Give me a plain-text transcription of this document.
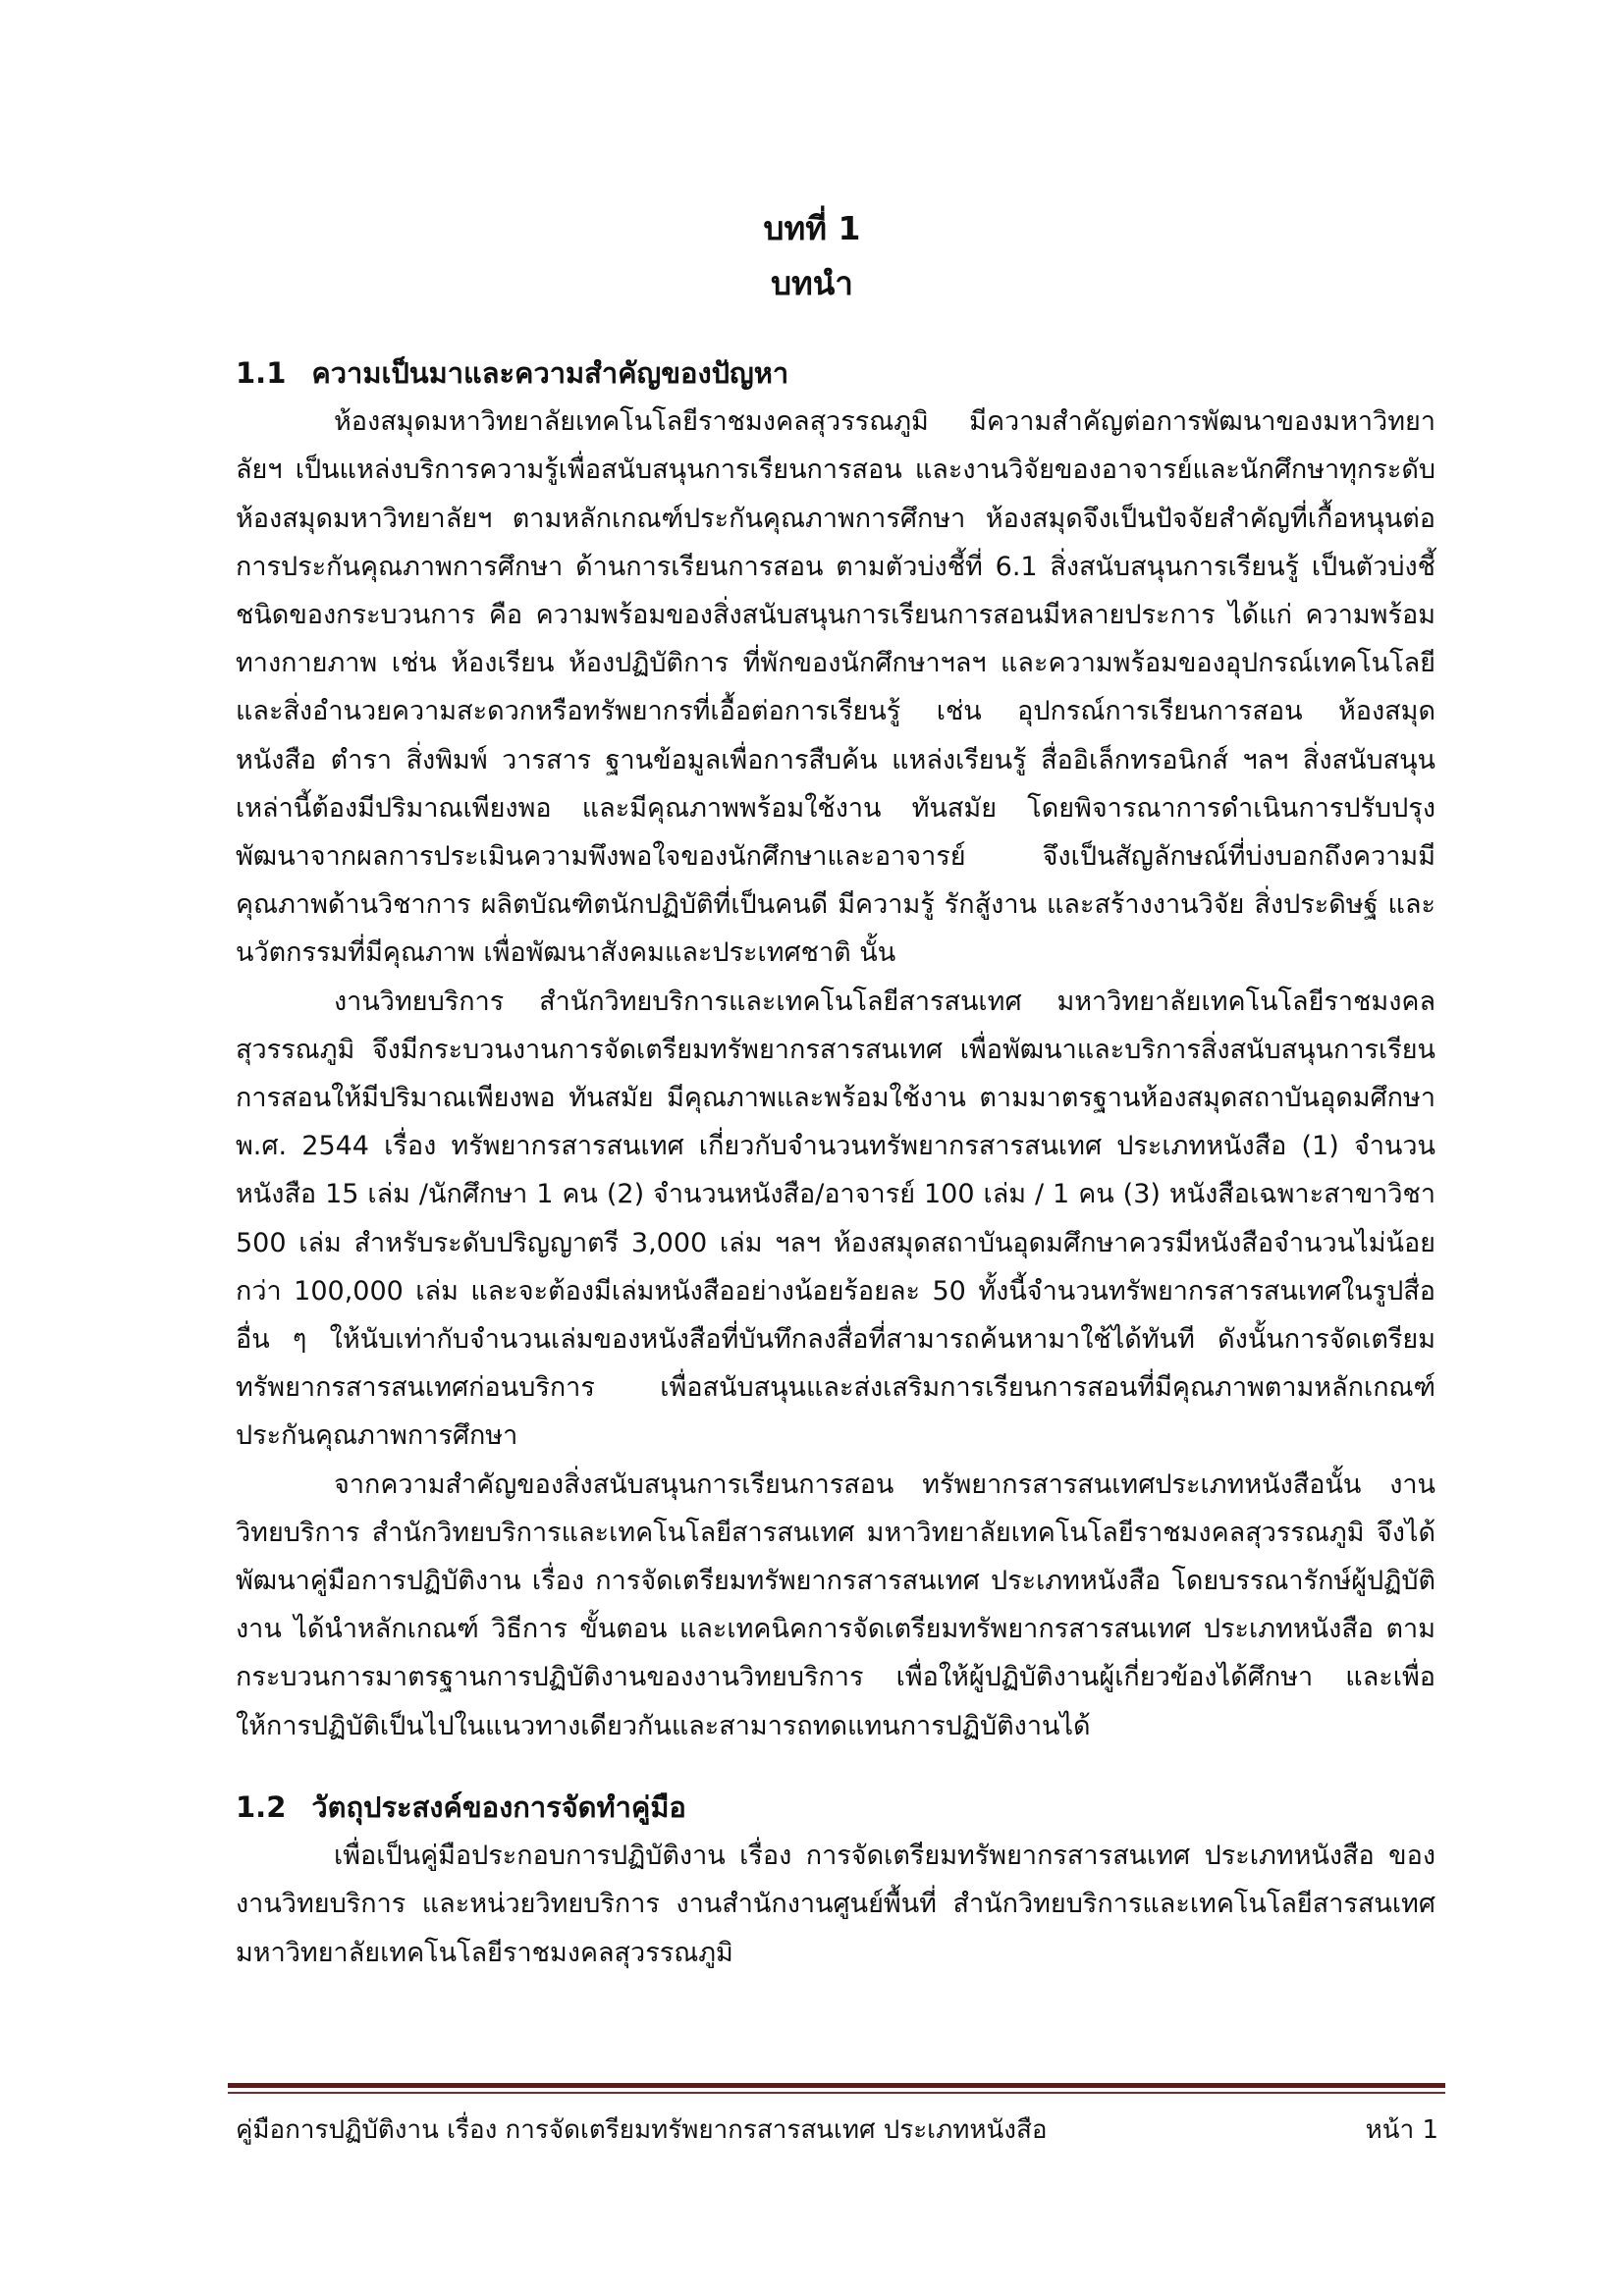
บทที่ 1
บทนำ
1.1 ความเป็นมาและความสำคัญของปัญหา

ห้องสมุดมหาวิทยาลัยเทคโนโลยีราชมงคลสุวรรณภูมิ มีความสำคัญต่อการพัฒนาของมหาวิทยาลัยฯ เป็นแหล่งบริการความรู้เพื่อสนับสนุนการเรียนการสอน และงานวิจัยของอาจารย์และนักศึกษาทุกระดับ ห้องสมุดมหาวิทยาลัยฯ ตามหลักเกณฑ์ประกันคุณภาพการศึกษา ห้องสมุดจึงเป็นปัจจัยสำคัญที่เกื้อหนุนต่อการประกันคุณภาพการศึกษา ด้านการเรียนการสอน ตามตัวบ่งชี้ที่ 6.1 สิ่งสนับสนุนการเรียนรู้ เป็นตัวบ่งชี้ ชนิดของกระบวนการ คือ ความพร้อมของสิ่งสนับสนุนการเรียนการสอนมีหลายประการ ได้แก่ ความพร้อมทางกายภาพ เช่น ห้องเรียน ห้องปฏิบัติการ ที่พักของนักศึกษาฯลฯ และความพร้อมของอุปกรณ์เทคโนโลยี และสิ่งอำนวยความสะดวกหรือทรัพยากรที่เอื้อต่อการเรียนรู้ เช่น อุปกรณ์การเรียนการสอน ห้องสมุด หนังสือ ตำรา สิ่งพิมพ์ วารสาร ฐานข้อมูลเพื่อการสืบค้น แหล่งเรียนรู้ สื่ออิเล็กทรอนิกส์ ฯลฯ สิ่งสนับสนุนเหล่านี้ต้องมีปริมาณเพียงพอ และมีคุณภาพพร้อมใช้งาน ทันสมัย โดยพิจารณาการดำเนินการปรับปรุงพัฒนาจากผลการประเมินความพึงพอใจของนักศึกษาและอาจารย์ จึงเป็นสัญลักษณ์ที่บ่งบอกถึงความมีคุณภาพด้านวิชาการ ผลิตบัณฑิตนักปฏิบัติที่เป็นคนดี มีความรู้ รักสู้งาน และสร้างงานวิจัย สิ่งประดิษฐ์ และนวัตกรรมที่มีคุณภาพ เพื่อพัฒนาสังคมและประเทศชาติ นั้น

งานวิทยบริการ สำนักวิทยบริการและเทคโนโลยีสารสนเทศ มหาวิทยาลัยเทคโนโลยีราชมงคลสุวรรณภูมิ จึงมีกระบวนงานการจัดเตรียมทรัพยากรสารสนเทศ เพื่อพัฒนาและบริการสิ่งสนับสนุนการเรียนการสอนให้มีปริมาณเพียงพอ ทันสมัย มีคุณภาพและพร้อมใช้งาน ตามมาตรฐานห้องสมุดสถาบันอุดมศึกษา พ.ศ. 2544 เรื่อง ทรัพยากรสารสนเทศ เกี่ยวกับจำนวนทรัพยากรสารสนเทศ ประเภทหนังสือ (1) จำนวนหนังสือ 15 เล่ม /นักศึกษา 1 คน (2) จำนวนหนังสือ/อาจารย์ 100 เล่ม / 1 คน (3) หนังสือเฉพาะสาขาวิชา 500 เล่ม สำหรับระดับปริญญาตรี 3,000 เล่ม ฯลฯ ห้องสมุดสถาบันอุดมศึกษาควรมีหนังสือจำนวนไม่น้อยกว่า 100,000 เล่ม และจะต้องมีเล่มหนังสืออย่างน้อยร้อยละ 50 ทั้งนี้จำนวนทรัพยากรสารสนเทศในรูปสื่ออื่น ๆ ให้นับเท่ากับจำนวนเล่มของหนังสือที่บันทึกลงสื่อที่สามารถค้นหามาใช้ได้ทันที ดังนั้นการจัดเตรียมทรัพยากรสารสนเทศก่อนบริการ เพื่อสนับสนุนและส่งเสริมการเรียนการสอนที่มีคุณภาพตามหลักเกณฑ์ประกันคุณภาพการศึกษา

จากความสำคัญของสิ่งสนับสนุนการเรียนการสอน ทรัพยากรสารสนเทศประเภทหนังสือนั้น งานวิทยบริการ สำนักวิทยบริการและเทคโนโลยีสารสนเทศ มหาวิทยาลัยเทคโนโลยีราชมงคลสุวรรณภูมิ จึงได้พัฒนาคู่มือการปฏิบัติงาน เรื่อง การจัดเตรียมทรัพยากรสารสนเทศ ประเภทหนังสือ โดยบรรณารักษ์ผู้ปฏิบัติงาน ได้นำหลักเกณฑ์ วิธีการ ขั้นตอน และเทคนิคการจัดเตรียมทรัพยากรสารสนเทศ ประเภทหนังสือ ตามกระบวนการมาตรฐานการปฏิบัติงานของงานวิทยบริการ เพื่อให้ผู้ปฏิบัติงานผู้เกี่ยวข้องได้ศึกษา และเพื่อให้การปฏิบัติเป็นไปในแนวทางเดียวกันและสามารถทดแทนการปฏิบัติงานได้

1.2 วัตถุประสงค์ของการจัดทำคู่มือ

เพื่อเป็นคู่มือประกอบการปฏิบัติงาน เรื่อง การจัดเตรียมทรัพยากรสารสนเทศ ประเภทหนังสือ ของงานวิทยบริการ และหน่วยวิทยบริการ งานสำนักงานศูนย์พื้นที่ สำนักวิทยบริการและเทคโนโลยีสารสนเทศ มหาวิทยาลัยเทคโนโลยีราชมงคลสุวรรณภูมิ

คู่มือการปฏิบัติงาน เรื่อง การจัดเตรียมทรัพยากรสารสนเทศ ประเภทหนังสือ	หน้า 1
